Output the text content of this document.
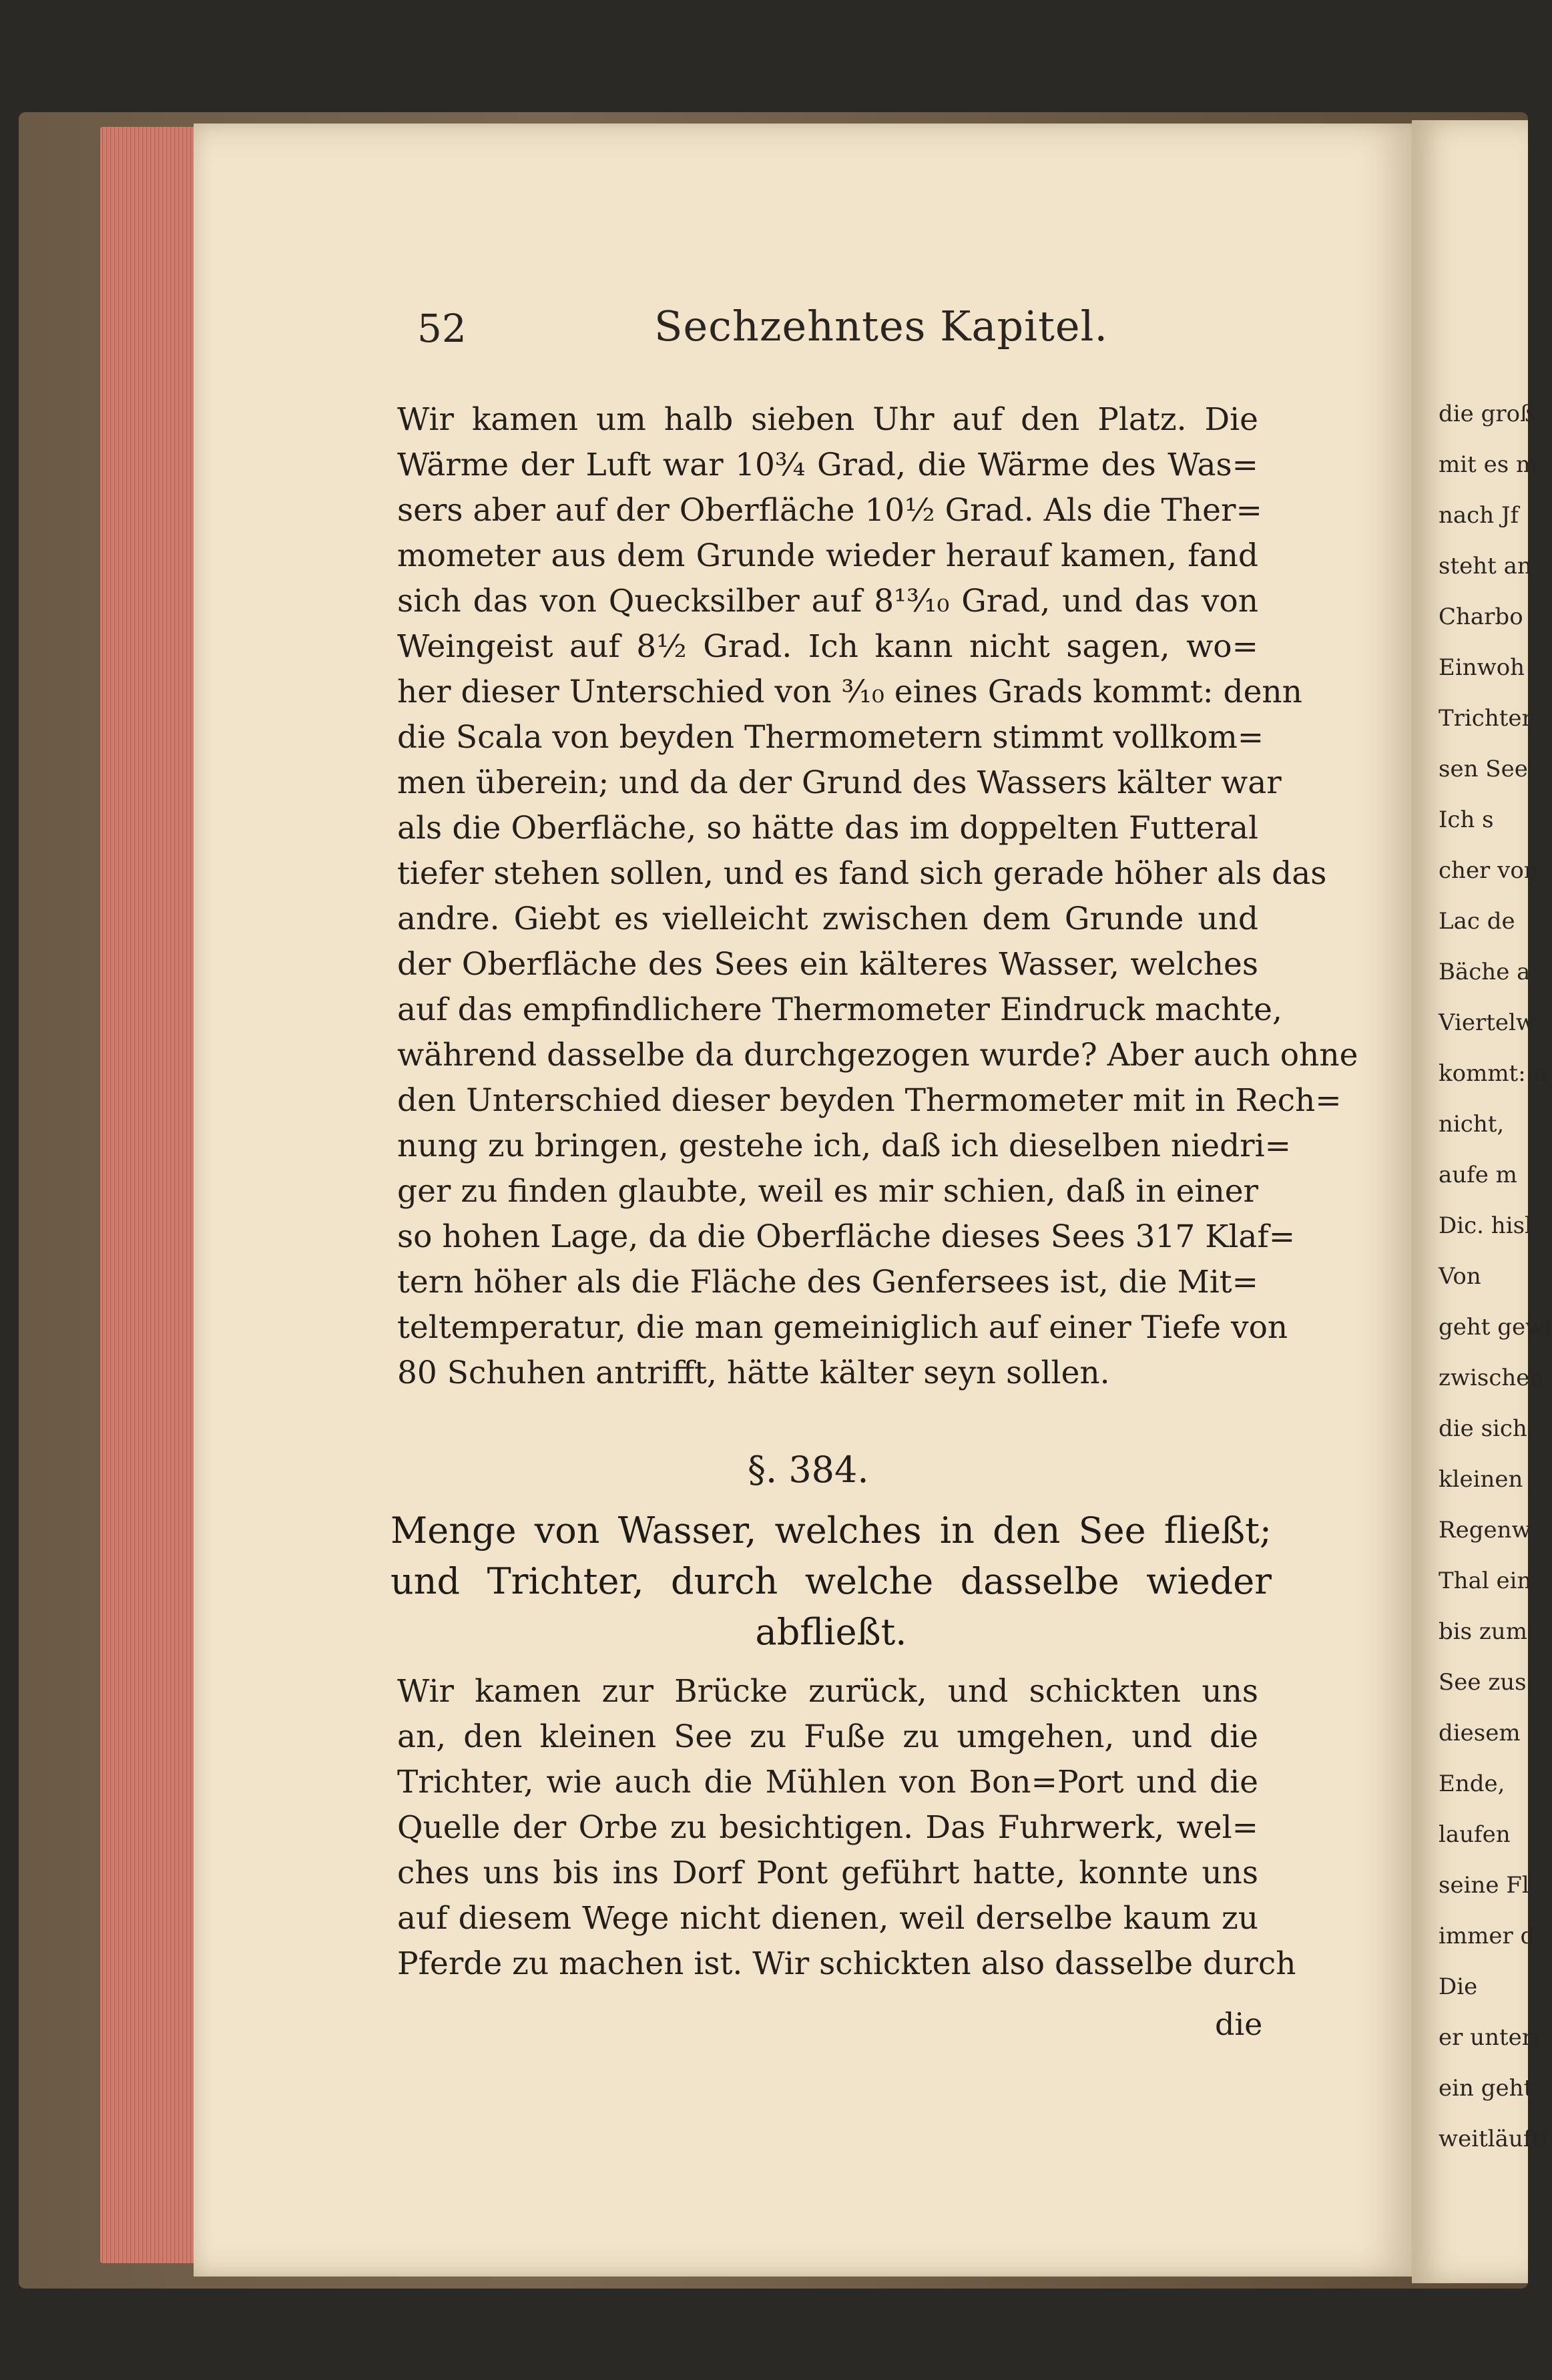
die groß
mit es m
nach Jf
steht an
Charbo
Einwoh
Trichter
sen See
Ich s
cher von
Lac de
Bäche a
Viertelw
kommt: n
nicht,
aufe m
Dic. hisl
Von
geht gewi
zwischen
die sich
kleinen
Regenw
Thal ein
bis zum
See zus
diesem
Ende,
laufen
seine Fl
immer d
Die
er unteri
ein geht
weitläufti
52	Sechzehntes Kapitel.
Wir kamen um halb sieben Uhr auf den Platz. Die
Wärme der Luft war 10¾ Grad, die Wärme des Was=
sers aber auf der Oberfläche 10½ Grad. Als die Ther=
mometer aus dem Grunde wieder herauf kamen, fand
sich das von Quecksilber auf 8¹³⁄₁₀ Grad, und das von
Weingeist auf 8½ Grad. Ich kann nicht sagen, wo=
her dieser Unterschied von ³⁄₁₀ eines Grads kommt: denn
die Scala von beyden Thermometern stimmt vollkom=
men überein; und da der Grund des Wassers kälter war
als die Oberfläche, so hätte das im doppelten Futteral
tiefer stehen sollen, und es fand sich gerade höher als das
andre. Giebt es vielleicht zwischen dem Grunde und
der Oberfläche des Sees ein kälteres Wasser, welches
auf das empfindlichere Thermometer Eindruck machte,
während dasselbe da durchgezogen wurde? Aber auch ohne
den Unterschied dieser beyden Thermometer mit in Rech=
nung zu bringen, gestehe ich, daß ich dieselben niedri=
ger zu finden glaubte, weil es mir schien, daß in einer
so hohen Lage, da die Oberfläche dieses Sees 317 Klaf=
tern höher als die Fläche des Genfersees ist, die Mit=
teltemperatur, die man gemeiniglich auf einer Tiefe von
80 Schuhen antrifft, hätte kälter seyn sollen.
§. 384.
Menge von Wasser, welches in den See fließt;
und Trichter, durch welche dasselbe wieder
abfließt.
Wir kamen zur Brücke zurück, und schickten uns
an, den kleinen See zu Fuße zu umgehen, und die
Trichter, wie auch die Mühlen von Bon=Port und die
Quelle der Orbe zu besichtigen. Das Fuhrwerk, wel=
ches uns bis ins Dorf Pont geführt hatte, konnte uns
auf diesem Wege nicht dienen, weil derselbe kaum zu
Pferde zu machen ist. Wir schickten also dasselbe durch
die
